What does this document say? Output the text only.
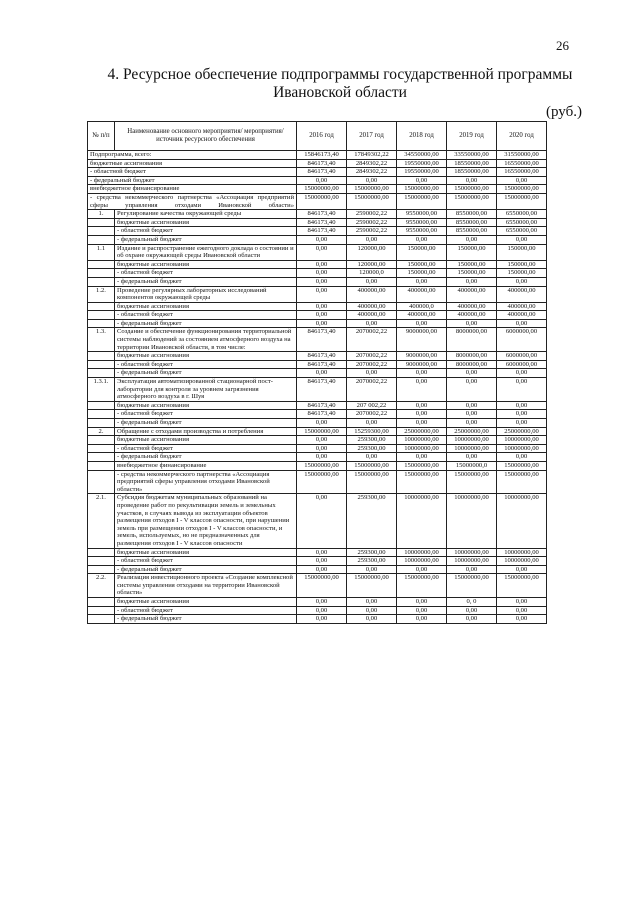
26
4. Ресурсное обеспечение подпрограммы государственной программы
Ивановской области
(руб.)
№ п/п	Наименование основного мероприятия/ мероприятия/ источник ресурсного обеспечения	2016 год	2017 год	2018 год	2019 год	2020 год
Подпрограмма, всего:		15846173,40	17849302,22	34550000,00	33550000,00	31550000,00
бюджетные ассигнования		846173,40	2849302,22	19550000,00	18550000,00	16550000,00
- областной бюджет		846173,40	2849302,22	19550000,00	18550000,00	16550000,00
- федеральный бюджет		0,00	0,00	0,00	0,00	0,00
внебюджетное финансирование		15000000,00	15000000,00	15000000,00	15000000,00	15000000,00
- средства некоммерческого партнерства «Ассоциация предприятий сферы управления отходами Ивановской области»		15000000,00	15000000,00	15000000,00	15000000,00	15000000,00
1.	Регулирование качества окружающей среды	846173,40	2590002,22	9550000,00	8550000,00	6550000,00
	бюджетные ассигнования	846173,40	2590002,22	9550000,00	8550000,00	6550000,00
	- областной бюджет	846173,40	2590002,22	9550000,00	8550000,00	6550000,00
	- федеральный бюджет	0,00	0,00	0,00	0,00	0,00
1.1	Издание и распространение ежегодного доклада о состоянии и об охране окружающей среды Ивановской области	0,00	120000,00	150000,00	150000,00	150000,00
	бюджетные ассигнования	0,00	120000,00	150000,00	150000,00	150000,00
	- областной бюджет	0,00	120000,0	150000,00	150000,00	150000,00
	- федеральный бюджет	0,00	0,00	0,00	0,00	0,00
1.2.	Проведение регулярных лабораторных исследований компонентов окружающей среды	0,00	400000,00	400000,00	400000,00	400000,00
	бюджетные ассигнования	0,00	400000,00	400000,0	400000,00	400000,00
	- областной бюджет	0,00	400000,00	400000,00	400000,00	400000,00
	- федеральный бюджет	0,00	0,00	0,00	0,00	0,00
1.3.	Создание и обеспечение функционирования территориальной системы наблюдений за состоянием атмосферного воздуха на территории Ивановской области, в том числе:	846173,40	2070002,22	9000000,00	8000000,00	6000000,00
	бюджетные ассигнования	846173,40	2070002,22	9000000,00	8000000,00	6000000,00
	- областной бюджет	846173,40	2070002,22	9000000,00	8000000,00	6000000,00
	- федеральный бюджет	0,00	0,00	0,00	0,00	0,00
1.3.1.	Эксплуатация автоматизированной стационарной пост-лаборатории для контроля за уровнем загрязнения атмосферного воздуха в г. Шуя	846173,40	2070002,22	0,00	0,00	0,00
	бюджетные ассигнования	846173,40	207 002,22	0,00	0,00	0,00
	- областной бюджет	846173,40	2070002,22	0,00	0,00	0,00
	- федеральный бюджет	0,00	0,00	0,00	0,00	0,00
2.	Обращение с отходами производства и потребления	15000000,00	15259300,00	25000000,00	25000000,00	25000000,00
	бюджетные ассигнования	0,00	259300,00	10000000,00	10000000,00	10000000,00
	- областной бюджет	0,00	259300,00	10000000,00	10000000,00	10000000,00
	- федеральный бюджет	0,00	0,00	0,00	0,00	0,00
	внебюджетное финансирование	15000000,00	15000000,00	15000000,00	15000000,0	15000000,00
	- средства некоммерческого партнерства «Ассоциация предприятий сферы управления отходами Ивановской области»	15000000,00	15000000,00	15000000,00	15000000,00	15000000,00
2.1.	Субсидия бюджетам муниципальных образований на проведение работ по рекультивации земель и земельных участков, в случаях вывода из эксплуатации объектов размещения отходов I - V классов опасности, при нарушении земель при размещении отходов I - V классов опасности, и земель, используемых, но не предназначенных для размещения отходов I - V классов опасности	0,00	259300,00	10000000,00	10000000,00	10000000,00
	бюджетные ассигнования	0,00	259300,00	10000000,00	10000000,00	10000000,00
	- областной бюджет	0,00	259300,00	10000000,00	10000000,00	10000000,00
	- федеральный бюджет	0,00	0,00	0,00	0,00	0,00
2.2.	Реализация инвестиционного проекта «Создание комплексной системы управления отходами на территории Ивановской области»	15000000,00	15000000,00	15000000,00	15000000,00	15000000,00
	бюджетные ассигнования	0,00	0,00	0,00	0, 0	0,00
	- областной бюджет	0,00	0,00	0,00	0,00	0,00
	- федеральный бюджет	0,00	0,00	0,00	0,00	0,00
